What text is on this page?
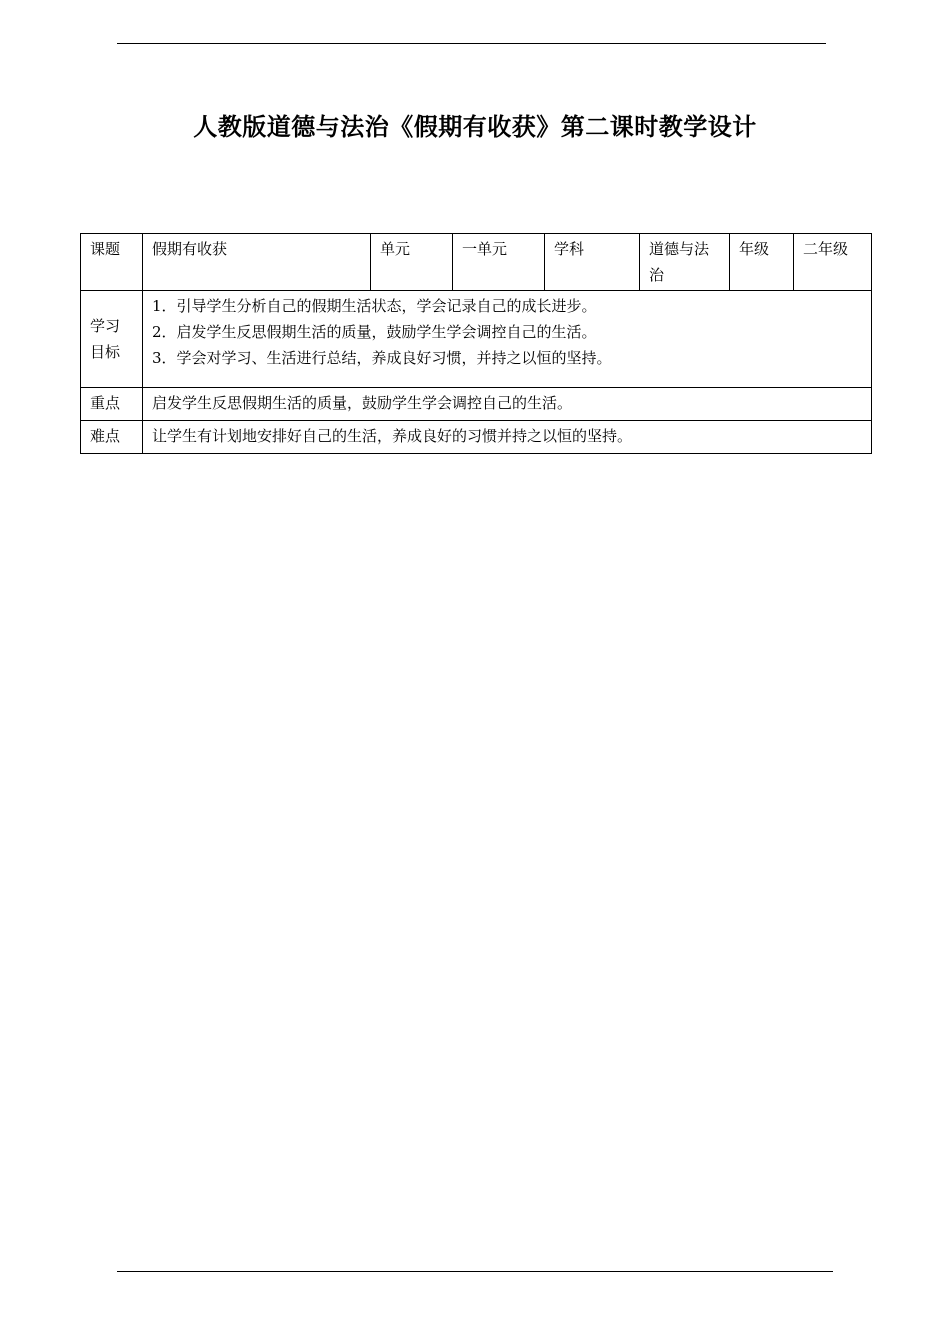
人教版道德与法治《假期有收获》第二课时教学设计
课题	假期有收获	单元	一单元	学科	道德与法治	年级	二年级
学习目标	1．引导学生分析自己的假期生活状态，学会记录自己的成长进步。
2．启发学生反思假期生活的质量，鼓励学生学会调控自己的生活。
3．学会对学习、生活进行总结，养成良好习惯，并持之以恒的坚持。						

重点	启发学生反思假期生活的质量，鼓励学生学会调控自己的生活。						
难点	让学生有计划地安排好自己的生活，养成良好的习惯并持之以恒的坚持。						
